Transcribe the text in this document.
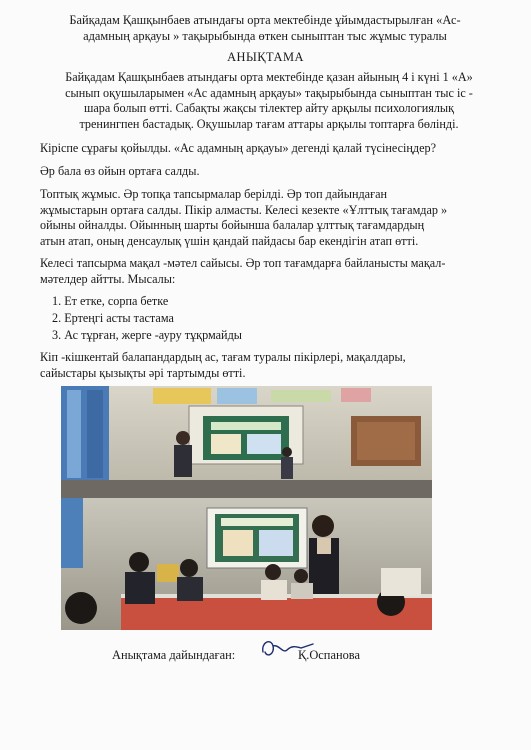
Байқадам Қашқынбаев атындағы орта мектебінде ұйымдастырылған «Ас-
адамның арқауы » тақырыбында өткен сыныптан тыс жұмыс туралы
АНЫҚТАМА
Байқадам Қашқынбаев атындағы орта мектебінде қазан айының 4 і күні 1 «А»
сынып оқушыларымен «Ас адамның арқауы» тақырыбында сыныптан тыс іс -
шара болып өтті. Сабақты жақсы тілектер айту арқылы психологиялық
тренингпен бастадық. Оқушылар тағам аттары арқылы топтарға бөлінді.
Кіріспе сұрағы қойылды. «Ас адамның арқауы» дегенді қалай түсінесіңдер?
Әр бала өз ойын ортаға салды.
Топтық жұмыс. Әр топқа тапсырмалар берілді. Әр топ дайындаған
жұмыстарын ортаға салды. Пікір алмасты. Келесі кезекте «Ұлттық тағамдар »
ойыны ойналды. Ойынның шарты бойынша балалар ұлттық тағамдардың
атын атап, оның денсаулық үшін қандай пайдасы бар екендігін атап өтті.
Келесі тапсырма мақал -мәтел сайысы. Әр топ тағамдарға байланысты мақал-
мәтелдер айтты. Мысалы:
1. Ет етке, сорпа бетке
2. Ертеңгі асты тастама
3. Ас тұрған, жерге -ауру тұқрмайды
Кіп -кішкентай балапандардың ас, тағам туралы пікірлері, мақалдары,
сайыстары қызықты әрі тартымды өтті.
Анықтама дайындаған:	Қ.Оспанова
